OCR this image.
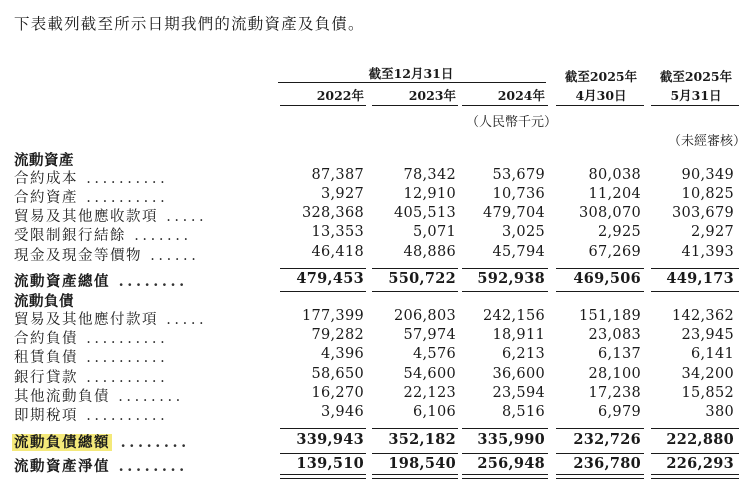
下表載列截至所示日期我們的流動資產及負債。
截至12月31日
2022年	2023年	2024年
截至2025年
4月30日
截至2025年
5月31日
（人民幣千元）
（未經審核）
流動資產
合約成本 ..........	87,387	78,342	53,679	80,038	90,349
合約資產 ..........	3,927	12,910	10,736	11,204	10,825
貿易及其他應收款項 .....	328,368 405,513 479,704 308,070 303,679
受限制銀行結餘 .......	13,353	5,071	3,025	2,925	2,927
現金及現金等價物 ......	46,418	48,886	45,794	67,269	41,393
流動資產總值 ........	479,453 550,722 592,938 469,506 449,173
流動負債
貿易及其他應付款項 .....	177,399 206,803 242,156 151,189 142,362
合約負債 ..........	79,282	57,974	18,911	23,083	23,945
租賃負債 ..........	4,396	4,576	6,213	6,137	6,141
銀行貸款 ..........	58,650	54,600	36,600	28,100	34,200
其他流動負債 ........	16,270	22,123	23,594	17,238	15,852
即期稅項 ..........	3,946	6,106	8,516	6,979	380
流動負債總額 ........	339,943 352,182 335,990 232,726 222,880
流動資產淨值 ........	139,510 198,540 256,948 236,780 226,293
